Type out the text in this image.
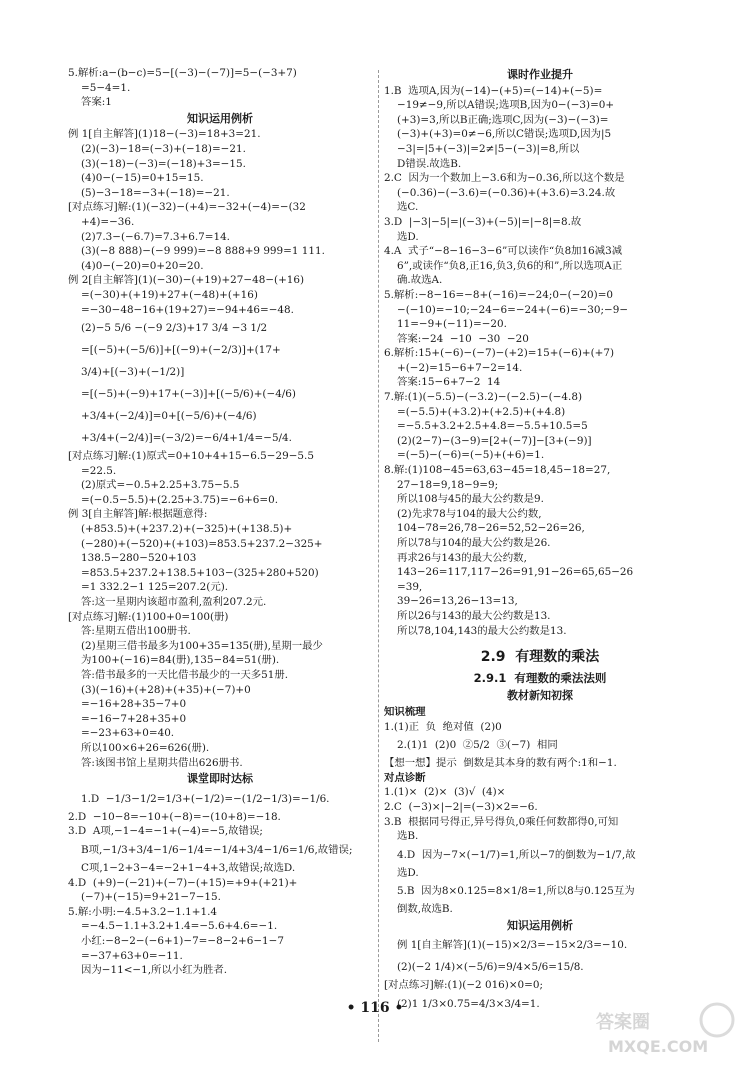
5.解析:a−(b−c)=5−[(−3)−(−7)]=5−(−3+7)
=5−4=1.
答案:1
知识运用例析
例 1[自主解答](1)18−(−3)=18+3=21.
(2)(−3)−18=(−3)+(−18)=−21.
(3)(−18)−(−3)=(−18)+3=−15.
(4)0−(−15)=0+15=15.
(5)−3−18=−3+(−18)=−21.
[对点练习]解:(1)(−32)−(+4)=−32+(−4)=−(32
+4)=−36.
(2)7.3−(−6.7)=7.3+6.7=14.
(3)(−8 888)−(−9 999)=−8 888+9 999=1 111.
(4)0−(−20)=0+20=20.
例 2[自主解答](1)(−30)−(+19)+27−48−(+16)
=(−30)+(+19)+27+(−48)+(+16)
=−30−48−16+(19+27)=−94+46=−48.
(2)−5 5/6 −(−9 2/3)+17 3/4 −3 1/2
=[(−5)+(−5/6)]+[(−9)+(−2/3)]+(17+
3/4)+[(−3)+(−1/2)]
=[(−5)+(−9)+17+(−3)]+[(−5/6)+(−4/6)
+3/4+(−2/4)]=0+[(−5/6)+(−4/6)
+3/4+(−2/4)]=(−3/2)=−6/4+1/4=−5/4.
[对点练习]解:(1)原式=0+10+4+15−6.5−29−5.5
=22.5.
(2)原式=−0.5+2.25+3.75−5.5
=(−0.5−5.5)+(2.25+3.75)=−6+6=0.
例 3[自主解答]解:根据题意得:
(+853.5)+(+237.2)+(−325)+(+138.5)+
(−280)+(−520)+(+103)=853.5+237.2−325+
138.5−280−520+103
=853.5+237.2+138.5+103−(325+280+520)
=1 332.2−1 125=207.2(元).
答:这一星期内该超市盈利,盈利207.2元.
[对点练习]解:(1)100+0=100(册)
答:星期五借出100册书.
(2)星期三借书最多为100+35=135(册),星期一最少
为100+(−16)=84(册),135−84=51(册).
答:借书最多的一天比借书最少的一天多51册.
(3)(−16)+(+28)+(+35)+(−7)+0
=−16+28+35−7+0
=−16−7+28+35+0
=−23+63+0=40.
所以100×6+26=626(册).
答:该图书馆上星期共借出626册书.
课堂即时达标
1.D  −1/3−1/2=1/3+(−1/2)=−(1/2−1/3)=−1/6.
2.D  −10−8=−10+(−8)=−(10+8)=−18.
3.D  A项,−1−4=−1+(−4)=−5,故错误;
B项,−1/3+3/4−1/6−1/4=−1/4+3/4−1/6=1/6,故错误;
C项,1−2+3−4=−2+1−4+3,故错误;故选D.
4.D  (+9)−(−21)+(−7)−(+15)=+9+(+21)+
(−7)+(−15)=9+21−7−15.
5.解:小明:−4.5+3.2−1.1+1.4
=−4.5−1.1+3.2+1.4=−5.6+4.6=−1.
小红:−8−2−(−6+1)−7=−8−2+6−1−7
=−37+63+0=−11.
因为−11<−1,所以小红为胜者.
课时作业提升
1.B  选项A,因为(−14)−(+5)=(−14)+(−5)=
−19≠−9,所以A错误;选项B,因为0−(−3)=0+
(+3)=3,所以B正确;选项C,因为(−3)−(−3)=
(−3)+(+3)=0≠−6,所以C错误;选项D,因为|5
−3|=|5+(−3)|=2≠|5−(−3)|=8,所以
D错误.故选B.
2.C  因为一个数加上−3.6和为−0.36,所以这个数是
(−0.36)−(−3.6)=(−0.36)+(+3.6)=3.24.故
选C.
3.D  |−3|−5|=|(−3)+(−5)|=|−8|=8.故
选D.
4.A  式子“−8−16−3−6”可以读作“负8加16减3减
6”,或读作“负8,正16,负3,负6的和”,所以选项A正
确.故选A.
5.解析:−8−16=−8+(−16)=−24;0−(−20)=0
−(−10)=−10;−24−6=−24+(−6)=−30;−9−
11=−9+(−11)=−20.
答案:−24  −10  −30  −20
6.解析:15+(−6)−(−7)−(+2)=15+(−6)+(+7)
+(−2)=15−6+7−2=14.
答案:15−6+7−2  14
7.解:(1)(−5.5)−(−3.2)−(−2.5)−(−4.8)
=(−5.5)+(+3.2)+(+2.5)+(+4.8)
=−5.5+3.2+2.5+4.8=−5.5+10.5=5
(2)(2−7)−(3−9)=[2+(−7)]−[3+(−9)]
=(−5)−(−6)=(−5)+(+6)=1.
8.解:(1)108−45=63,63−45=18,45−18=27,
27−18=9,18−9=9;
所以108与45的最大公约数是9.
(2)先求78与104的最大公约数,
104−78=26,78−26=52,52−26=26,
所以78与104的最大公约数是26.
再求26与143的最大公约数,
143−26=117,117−26=91,91−26=65,65−26
=39,
39−26=13,26−13=13,
所以26与143的最大公约数是13.
所以78,104,143的最大公约数是13.
2.9  有理数的乘法
2.9.1  有理数的乘法法则
教材新知初探
知识梳理
1.(1)正  负  绝对值  (2)0
2.(1)1  (2)0  ②5/2  ③(−7)  相同
【想一想】提示  倒数是其本身的数有两个:1和−1.
对点诊断
1.(1)×  (2)×  (3)√  (4)×
2.C  (−3)×|−2|=(−3)×2=−6.
3.B  根据同号得正,异号得负,0乘任何数都得0,可知
选B.
4.D  因为−7×(−1/7)=1,所以−7的倒数为−1/7,故
选D.
5.B  因为8×0.125=8×1/8=1,所以8与0.125互为
倒数,故选B.
知识运用例析
例 1[自主解答](1)(−15)×2/3=−15×2/3=−10.
(2)(−2 1/4)×(−5/6)=9/4×5/6=15/8.
[对点练习]解:(1)(−2 016)×0=0;
(2)1 1/3×0.75=4/3×3/4=1.
• 116 •
答案圈
MXQE.COM
